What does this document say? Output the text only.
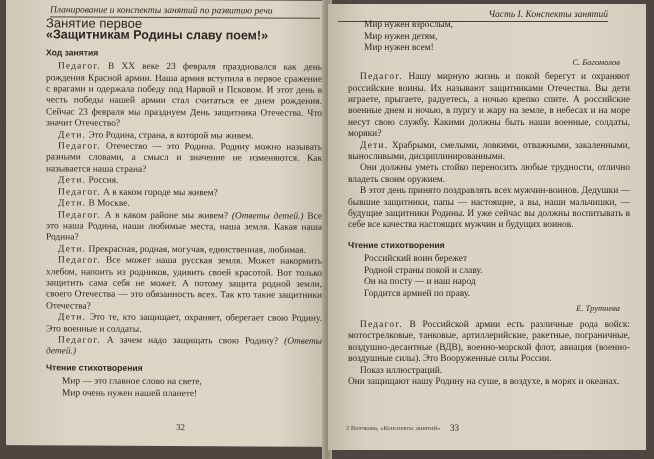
Планирование и конспекты занятий по развитию речи
Занятие первое
«Защитникам Родины славу поем!»
Ход занятия

Педагог. В XX веке 23 февраля праздновался как день рождения Красной армии. Наша армия вступила в первое сражение с врагами и одержала победу под Нарвой и Псковом. И этот день в честь победы нашей армии стал считаться ее днем рождения. Сейчас 23 февраля мы празднуем День защитника Отечества. Что значит Отечество?

Дети. Это Родина, страна, в которой мы живем.

Педагог. Отечество — это Родина. Родину можно называть разными словами, а смысл и значение не изменяются. Как называется наша страна?

Дети. Россия.

Педагог. А в каком городе мы живем?

Дети. В Москве.

Педагог. А в каком районе мы живем? (Ответы детей.) Все это наша Родина, наши любимые места, наша земля. Какая наша Родина?

Дети. Прекрасная, родная, могучая, единственная, любимая.

Педагог. Все может наша русская земля. Может накормить хлебом, напоить из родников, удивить своей красотой. Вот только защитить сама себя не может. А потому защита родной земли, своего Отечества — это обязанность всех. Так кто такие защитники Отечества?

Дети. Это те, кто защищает, охраняет, оберегает свою Родину. Это военные и солдаты.

Педагог. А зачем надо защищать свою Родину? (Ответы детей.)

Чтение стихотворения
Мир — это главное слово на свете,
Мир очень нужен нашей планете!
32
Часть I. Конспекты занятий
Мир нужен взрослым,
Мир нужен детям,
Мир нужен всем!
С. Богомолов

Педагог. Нашу мирную жизнь и покой берегут и охраняют российские воины. Их называют защитниками Отечества. Вы дети играете, прыгаете, радуетесь, а ночью крепко спите. А российские военные днем и ночью, в пургу и жару на земле, в небесах и на море несут свою службу. Какими должны быть наши военные, солдаты, моряки?

Дети. Храбрыми, смелыми, ловкими, отважными, закаленными, выносливыми, дисциплинированными.

Они должны уметь стойко переносить любые трудности, отлично владеть своим оружием.

В этот день принято поздравлять всех мужчин-воинов. Дедушки — бывшие защитники, папы — настоящие, а вы, наши мальчишки, — будущие защитники Родины. И уже сейчас вы должны воспитывать в себе все качества настоящих мужчин и будущих воинов.

Чтение стихотворения
Российский воин бережет
Родной страны покой и славу.
Он на посту — и наш народ
Гордится армией по праву.
Е. Трутнева

Педагог. В Российской армии есть различные рода войск: мотострелковые, танковые, артиллерийские, ракетные, пограничные, воздушно-десантные (ВДВ), военно-морской флот, авиация (военно-воздушные силы). Это Вооруженные силы России.

Показ иллюстраций.

Они защищают нашу Родину на суше, в воздухе, в морях и океанах.

33
2 Волчкова, «Конспекты занятий»
